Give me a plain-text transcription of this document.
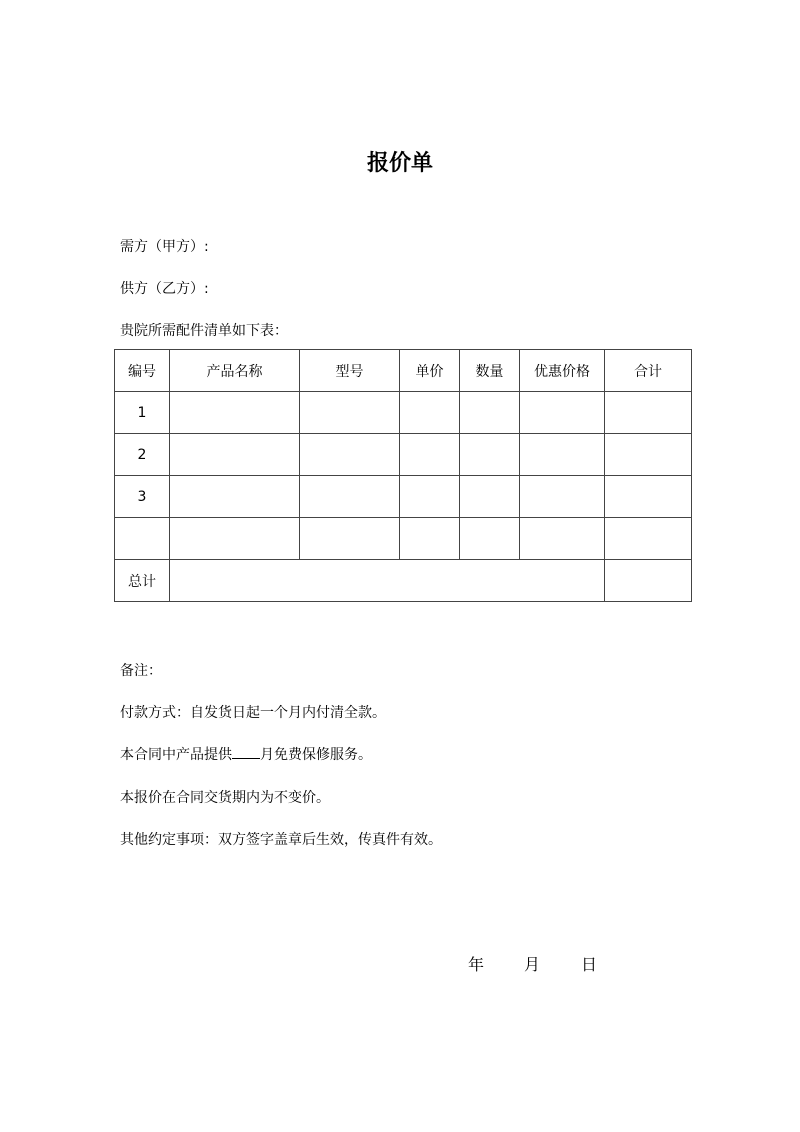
报价单
需方（甲方）:
供方（乙方）:
贵院所需配件清单如下表：
编号	产品名称	型号	单价	数量	优惠价格	合计
1						
2						
3						

总计						
备注：
付款方式：自发货日起一个月内付清全款。
本合同中产品提供 月免费保修服务。
本报价在合同交货期内为不变价。
其他约定事项：双方签字盖章后生效，传真件有效。
年 月	日
